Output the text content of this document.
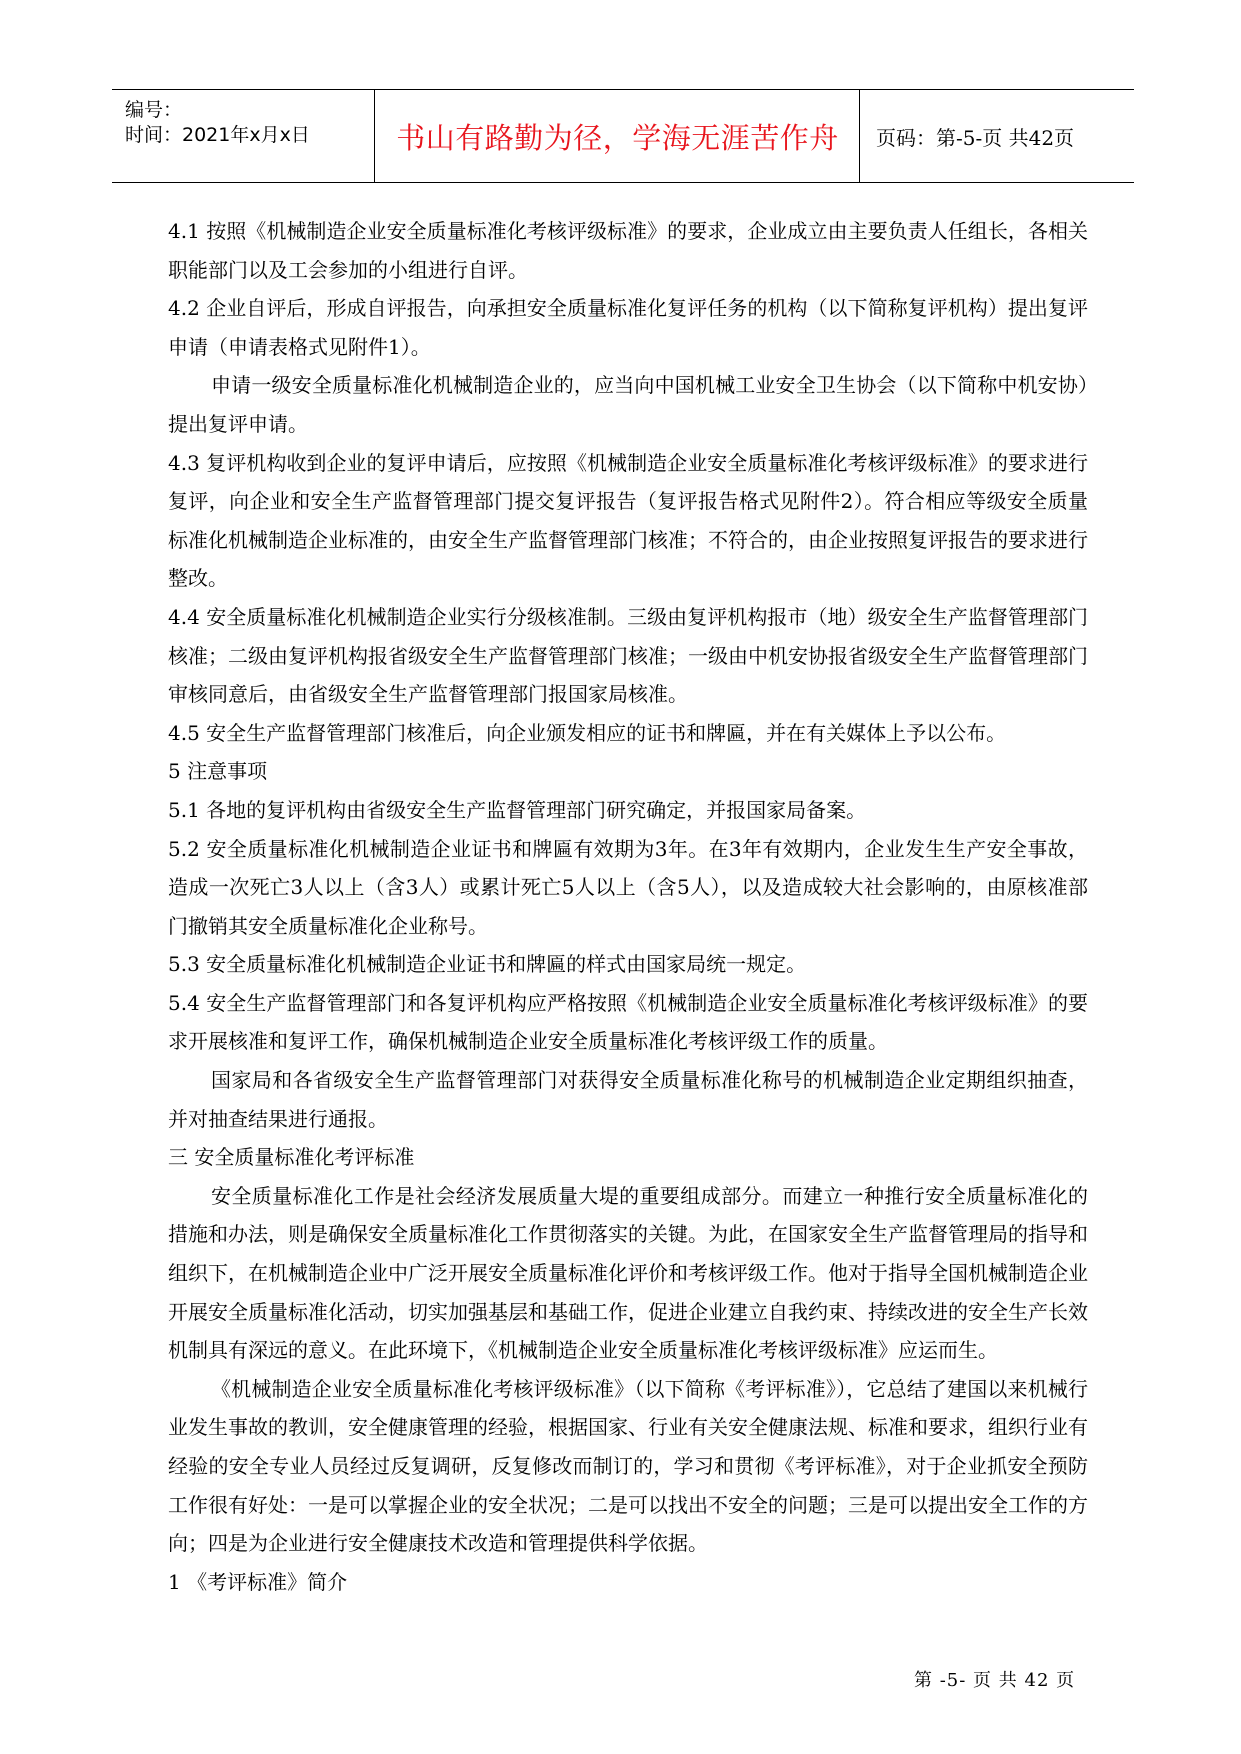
编号：
时间：2021年x月x日	书山有路勤为径，学海无涯苦作舟	页码：第-5-页 共42页

4.1 按照《机械制造企业安全质量标准化考核评级标准》的要求，企业成立由主要负责人任组长，各相关职能部门以及工会参加的小组进行自评。

4.2 企业自评后，形成自评报告，向承担安全质量标准化复评任务的机构（以下简称复评机构）提出复评申请（申请表格式见附件1）。

申请一级安全质量标准化机械制造企业的，应当向中国机械工业安全卫生协会（以下简称中机安协）提出复评申请。

4.3 复评机构收到企业的复评申请后，应按照《机械制造企业安全质量标准化考核评级标准》的要求进行复评，向企业和安全生产监督管理部门提交复评报告（复评报告格式见附件2）。符合相应等级安全质量标准化机械制造企业标准的，由安全生产监督管理部门核准；不符合的，由企业按照复评报告的要求进行整改。

4.4 安全质量标准化机械制造企业实行分级核准制。三级由复评机构报市（地）级安全生产监督管理部门核准；二级由复评机构报省级安全生产监督管理部门核准；一级由中机安协报省级安全生产监督管理部门审核同意后，由省级安全生产监督管理部门报国家局核准。

4.5 安全生产监督管理部门核准后，向企业颁发相应的证书和牌匾，并在有关媒体上予以公布。

5 注意事项

5.1 各地的复评机构由省级安全生产监督管理部门研究确定，并报国家局备案。

5.2 安全质量标准化机械制造企业证书和牌匾有效期为3年。在3年有效期内，企业发生生产安全事故，造成一次死亡3人以上（含3人）或累计死亡5人以上（含5人），以及造成较大社会影响的，由原核准部门撤销其安全质量标准化企业称号。

5.3 安全质量标准化机械制造企业证书和牌匾的样式由国家局统一规定。

5.4 安全生产监督管理部门和各复评机构应严格按照《机械制造企业安全质量标准化考核评级标准》的要求开展核准和复评工作，确保机械制造企业安全质量标准化考核评级工作的质量。

国家局和各省级安全生产监督管理部门对获得安全质量标准化称号的机械制造企业定期组织抽查，并对抽查结果进行通报。

三 安全质量标准化考评标准

安全质量标准化工作是社会经济发展质量大堤的重要组成部分。而建立一种推行安全质量标准化的措施和办法，则是确保安全质量标准化工作贯彻落实的关键。为此，在国家安全生产监督管理局的指导和组织下，在机械制造企业中广泛开展安全质量标准化评价和考核评级工作。他对于指导全国机械制造企业开展安全质量标准化活动，切实加强基层和基础工作，促进企业建立自我约束、持续改进的安全生产长效机制具有深远的意义。在此环境下，《机械制造企业安全质量标准化考核评级标准》应运而生。

《机械制造企业安全质量标准化考核评级标准》（以下简称《考评标准》），它总结了建国以来机械行业发生事故的教训，安全健康管理的经验，根据国家、行业有关安全健康法规、标准和要求，组织行业有经验的安全专业人员经过反复调研，反复修改而制订的，学习和贯彻《考评标准》，对于企业抓安全预防工作很有好处：一是可以掌握企业的安全状况；二是可以找出不安全的问题；三是可以提出安全工作的方向；四是为企业进行安全健康技术改造和管理提供科学依据。

1 《考评标准》简介

第 -5- 页 共 42 页
